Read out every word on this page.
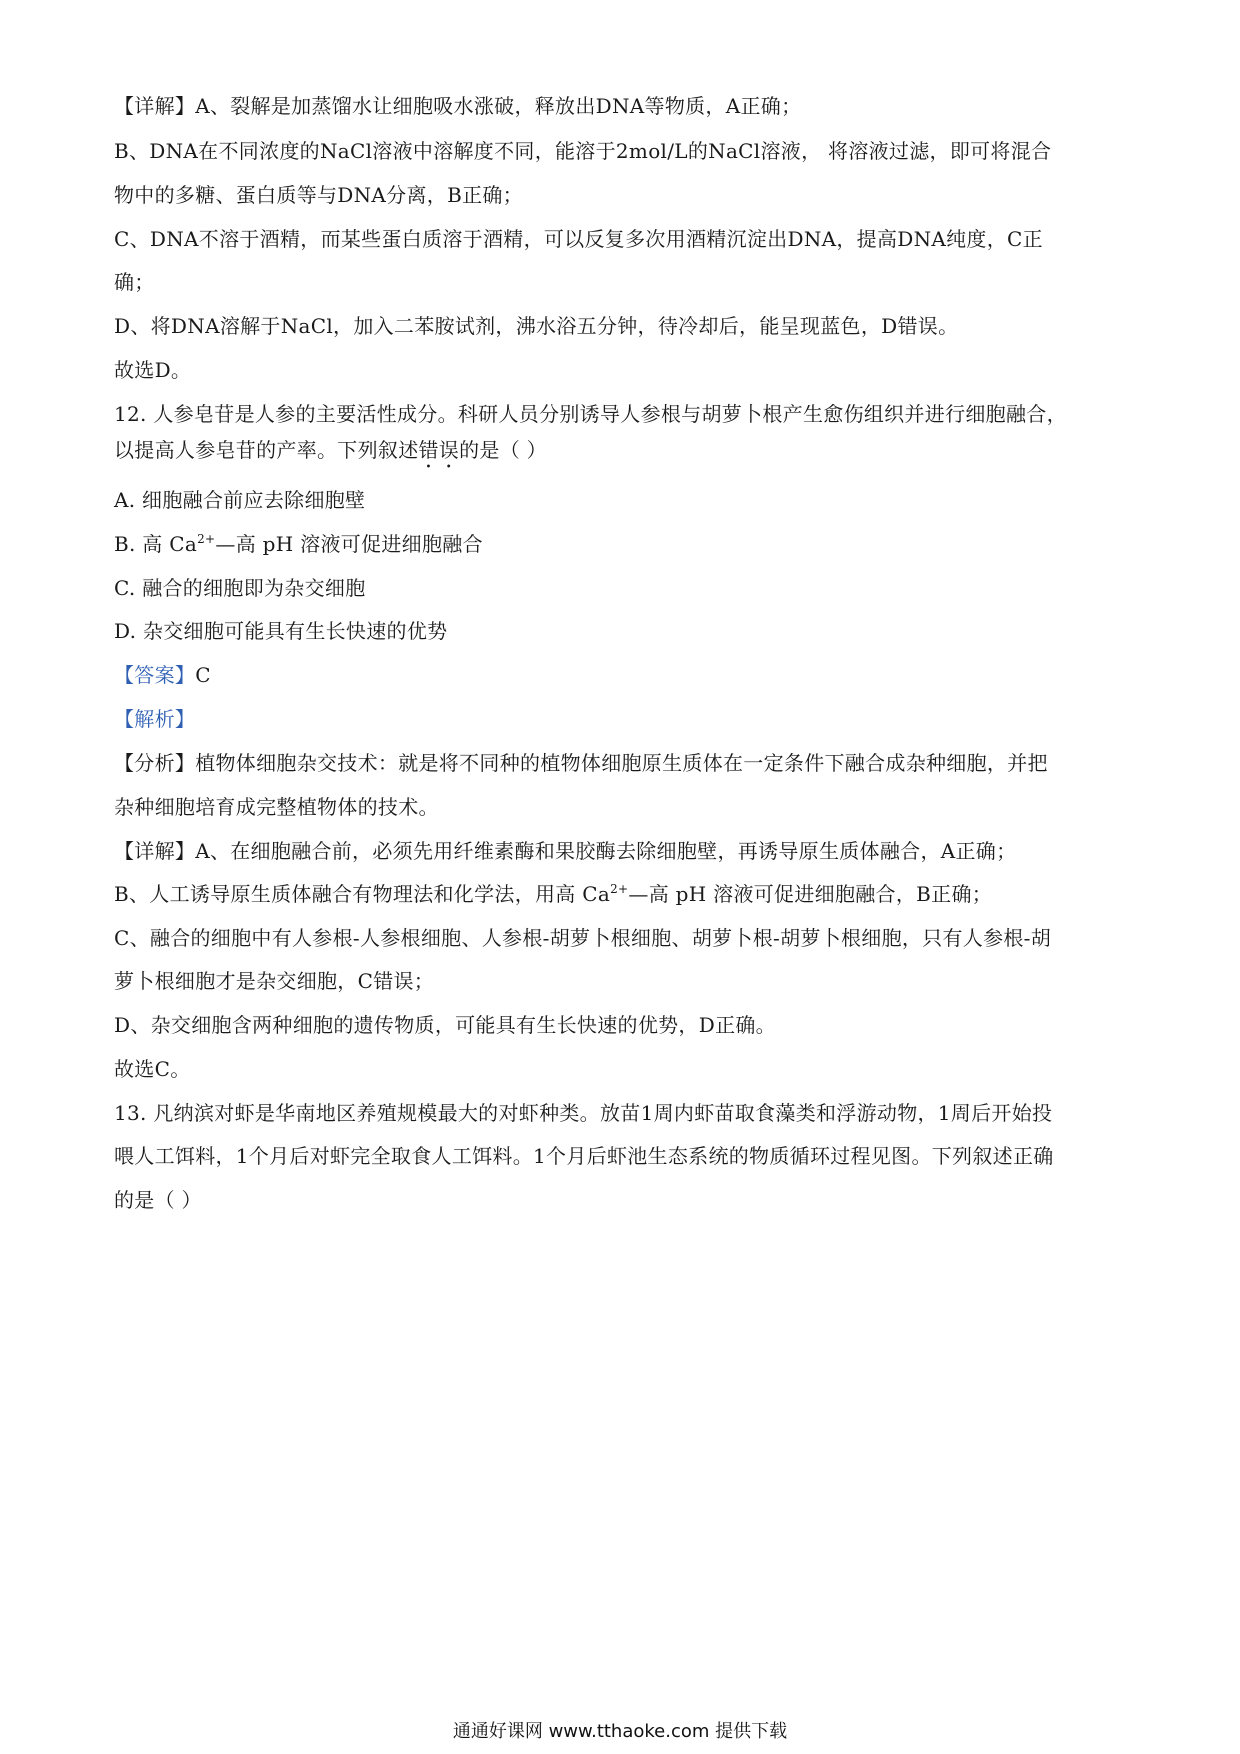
【详解】A、裂解是加蒸馏水让细胞吸水涨破，释放出DNA等物质，A正确；
B、DNA在不同浓度的NaCl溶液中溶解度不同，能溶于2mol/L的NaCl溶液， 将溶液过滤，即可将混合
物中的多糖、蛋白质等与DNA分离，B正确；
C、DNA不溶于酒精，而某些蛋白质溶于酒精，可以反复多次用酒精沉淀出DNA，提高DNA纯度，C正
确；
D、将DNA溶解于NaCl，加入二苯胺试剂，沸水浴五分钟，待冷却后，能呈现蓝色，D错误。
故选D。
12. 人参皂苷是人参的主要活性成分。科研人员分别诱导人参根与胡萝卜根产生愈伤组织并进行细胞融合，
以提高人参皂苷的产率。下列叙述错误的是（ ）
A. 细胞融合前应去除细胞壁
B. 高 $Ca^{2+}—$高 pH 溶液可促进细胞融合
C. 融合的细胞即为杂交细胞
D. 杂交细胞可能具有生长快速的优势
【答案】C
【解析】
【分析】植物体细胞杂交技术：就是将不同种的植物体细胞原生质体在一定条件下融合成杂种细胞，并把
杂种细胞培育成完整植物体的技术。
【详解】A、在细胞融合前，必须先用纤维素酶和果胶酶去除细胞壁，再诱导原生质体融合，A正确；
B、人工诱导原生质体融合有物理法和化学法，用高 $Ca^{2+}—$高 pH 溶液可促进细胞融合，B正确；
C、融合的细胞中有人参根-人参根细胞、人参根-胡萝卜根细胞、胡萝卜根-胡萝卜根细胞，只有人参根-胡
萝卜根细胞才是杂交细胞，C错误；
D、杂交细胞含两种细胞的遗传物质，可能具有生长快速的优势，D正确。
故选C。
13. 凡纳滨对虾是华南地区养殖规模最大的对虾种类。放苗1周内虾苗取食藻类和浮游动物，1周后开始投
喂人工饵料，1个月后对虾完全取食人工饵料。1个月后虾池生态系统的物质循环过程见图。下列叙述正确
的是（ ）
通通好课网 www.tthaoke.com 提供下载
